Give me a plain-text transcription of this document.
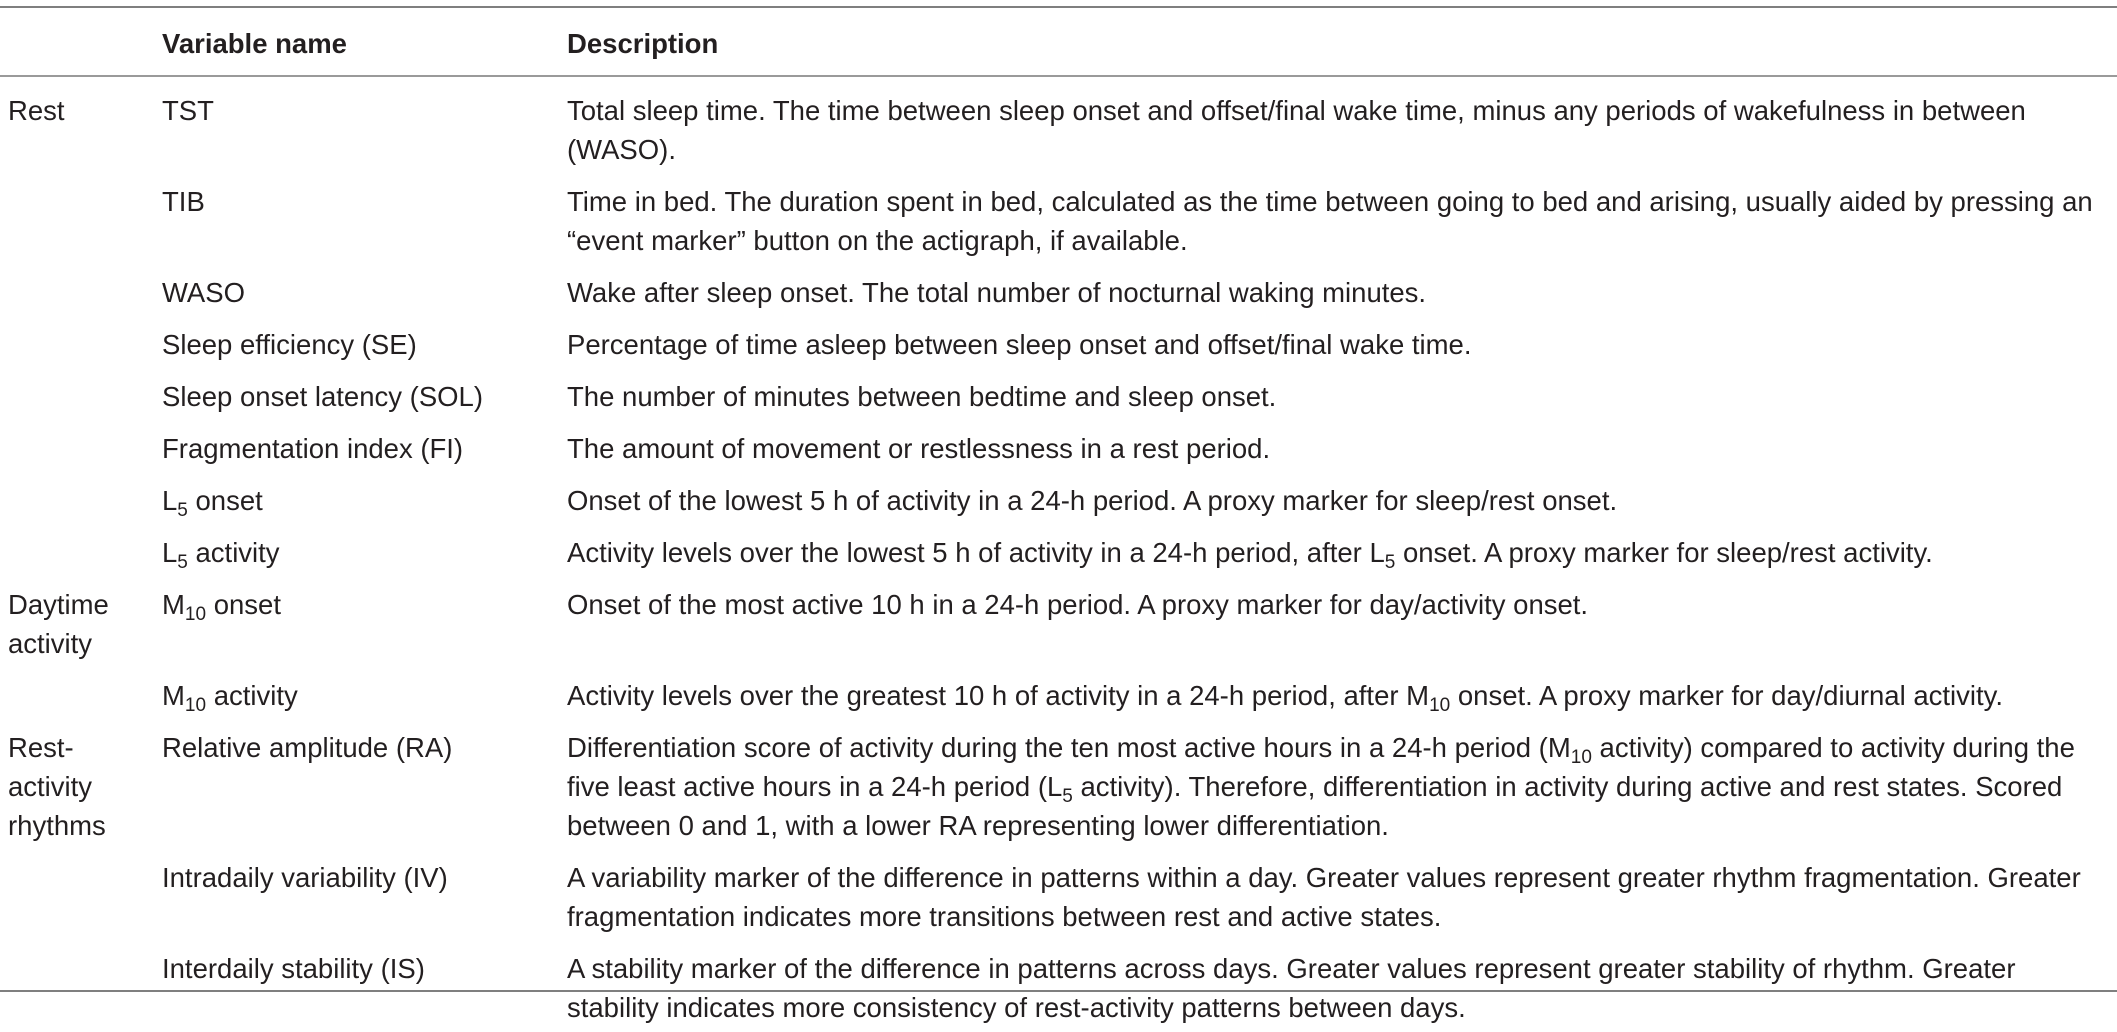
	Variable name	Description
Rest	TST	Total sleep time. The time between sleep onset and offset/final wake time, minus any periods of wakefulness in between (WASO).
	TIB	Time in bed. The duration spent in bed, calculated as the time between going to bed and arising, usually aided by pressing an “event marker” button on the actigraph, if available.
	WASO	Wake after sleep onset. The total number of nocturnal waking minutes.
	Sleep efficiency (SE)	Percentage of time asleep between sleep onset and offset/final wake time.
	Sleep onset latency (SOL)	The number of minutes between bedtime and sleep onset.
	Fragmentation index (FI)	The amount of movement or restlessness in a rest period.
	$L_5$ onset	Onset of the lowest 5 h of activity in a 24-h period. A proxy marker for sleep/rest onset.
	$L_5$ activity	Activity levels over the lowest 5 h of activity in a 24-h period, after $L_5$ onset. A proxy marker for sleep/rest activity.
Daytime activity	$M_{10}$ onset	Onset of the most active 10 h in a 24-h period. A proxy marker for day/activity onset.
	$M_{10}$ activity	Activity levels over the greatest 10 h of activity in a 24-h period, after $M_{10}$ onset. A proxy marker for day/diurnal activity.
Rest-activity rhythms	Relative amplitude (RA)	Differentiation score of activity during the ten most active hours in a 24-h period ($M_{10}$ activity) compared to activity during the five least active hours in a 24-h period ($L_5$ activity). Therefore, differentiation in activity during active and rest states. Scored between 0 and 1, with a lower RA representing lower differentiation.
	Intradaily variability (IV)	A variability marker of the difference in patterns within a day. Greater values represent greater rhythm fragmentation. Greater fragmentation indicates more transitions between rest and active states.
	Interdaily stability (IS)	A stability marker of the difference in patterns across days. Greater values represent greater stability of rhythm. Greater stability indicates more consistency of rest-activity patterns between days.
